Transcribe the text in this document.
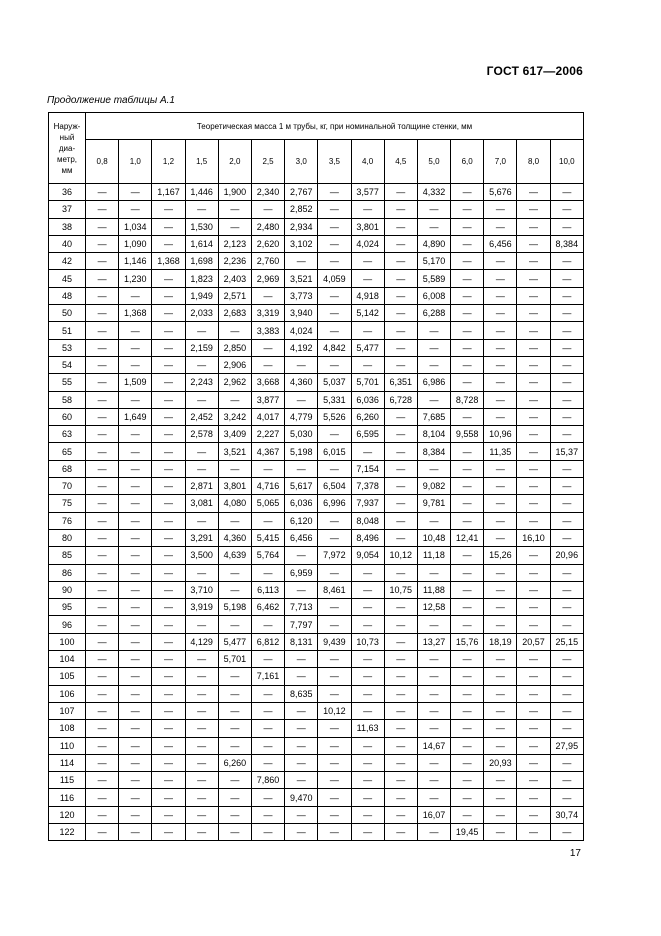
ГОСТ 617—2006
Продолжение таблицы А.1
Наруж-
ный
диа-
метр,
мм	Теоретическая масса 1 м трубы, кг, при номинальной толщине стенки, мм														
	0,8	1,0	1,2	1,5	2,0	2,5	3,0	3,5	4,0	4,5	5,0	6,0	7,0	8,0	10,0
36	—	—	1,167	1,446	1,900	2,340	2,767	—	3,577	—	4,332	—	5,676	—	—
37	—	—	—	—	—	—	2,852	—	—	—	—	—	—	—	—
38	—	1,034	—	1,530	—	2,480	2,934	—	3,801	—	—	—	—	—	—
40	—	1,090	—	1,614	2,123	2,620	3,102	—	4,024	—	4,890	—	6,456	—	8,384
42	—	1,146	1,368	1,698	2,236	2,760	—	—	—	—	5,170	—	—	—	—
45	—	1,230	—	1,823	2,403	2,969	3,521	4,059	—	—	5,589	—	—	—	—
48	—	—	—	1,949	2,571	—	3,773	—	4,918	—	6,008	—	—	—	—
50	—	1,368	—	2,033	2,683	3,319	3,940	—	5,142	—	6,288	—	—	—	—
51	—	—	—	—	—	3,383	4,024	—	—	—	—	—	—	—	—
53	—	—	—	2,159	2,850	—	4,192	4,842	5,477	—	—	—	—	—	—
54	—	—	—	—	2,906	—	—	—	—	—	—	—	—	—	—
55	—	1,509	—	2,243	2,962	3,668	4,360	5,037	5,701	6,351	6,986	—	—	—	—
58	—	—	—	—	—	3,877	—	5,331	6,036	6,728	—	8,728	—	—	—
60	—	1,649	—	2,452	3,242	4,017	4,779	5,526	6,260	—	7,685	—	—	—	—
63	—	—	—	2,578	3,409	2,227	5,030	—	6,595	—	8,104	9,558	10,96	—	—
65	—	—	—	—	3,521	4,367	5,198	6,015	—	—	8,384	—	11,35	—	15,37
68	—	—	—	—	—	—	—	—	7,154	—	—	—	—	—	—
70	—	—	—	2,871	3,801	4,716	5,617	6,504	7,378	—	9,082	—	—	—	—
75	—	—	—	3,081	4,080	5,065	6,036	6,996	7,937	—	9,781	—	—	—	—
76	—	—	—	—	—	—	6,120	—	8,048	—	—	—	—	—	—
80	—	—	—	3,291	4,360	5,415	6,456	—	8,496	—	10,48	12,41	—	16,10	—
85	—	—	—	3,500	4,639	5,764	—	7,972	9,054	10,12	11,18	—	15,26	—	20,96
86	—	—	—	—	—	—	6,959	—	—	—	—	—	—	—	—
90	—	—	—	3,710	—	6,113	—	8,461	—	10,75	11,88	—	—	—	—
95	—	—	—	3,919	5,198	6,462	7,713	—	—	—	12,58	—	—	—	—
96	—	—	—	—	—	—	7,797	—	—	—	—	—	—	—	—
100	—	—	—	4,129	5,477	6,812	8,131	9,439	10,73	—	13,27	15,76	18,19	20,57	25,15
104	—	—	—	—	5,701	—	—	—	—	—	—	—	—	—	—
105	—	—	—	—	—	7,161	—	—	—	—	—	—	—	—	—
106	—	—	—	—	—	—	8,635	—	—	—	—	—	—	—	—
107	—	—	—	—	—	—	—	10,12	—	—	—	—	—	—	—
108	—	—	—	—	—	—	—	—	11,63	—	—	—	—	—	—
110	—	—	—	—	—	—	—	—	—	—	14,67	—	—	—	27,95
114	—	—	—	—	6,260	—	—	—	—	—	—	—	20,93	—	—
115	—	—	—	—	—	7,860	—	—	—	—	—	—	—	—	—
116	—	—	—	—	—	—	9,470	—	—	—	—	—	—	—	—
120	—	—	—	—	—	—	—	—	—	—	16,07	—	—	—	30,74
122	—	—	—	—	—	—	—	—	—	—	—	19,45	—	—	—
17
